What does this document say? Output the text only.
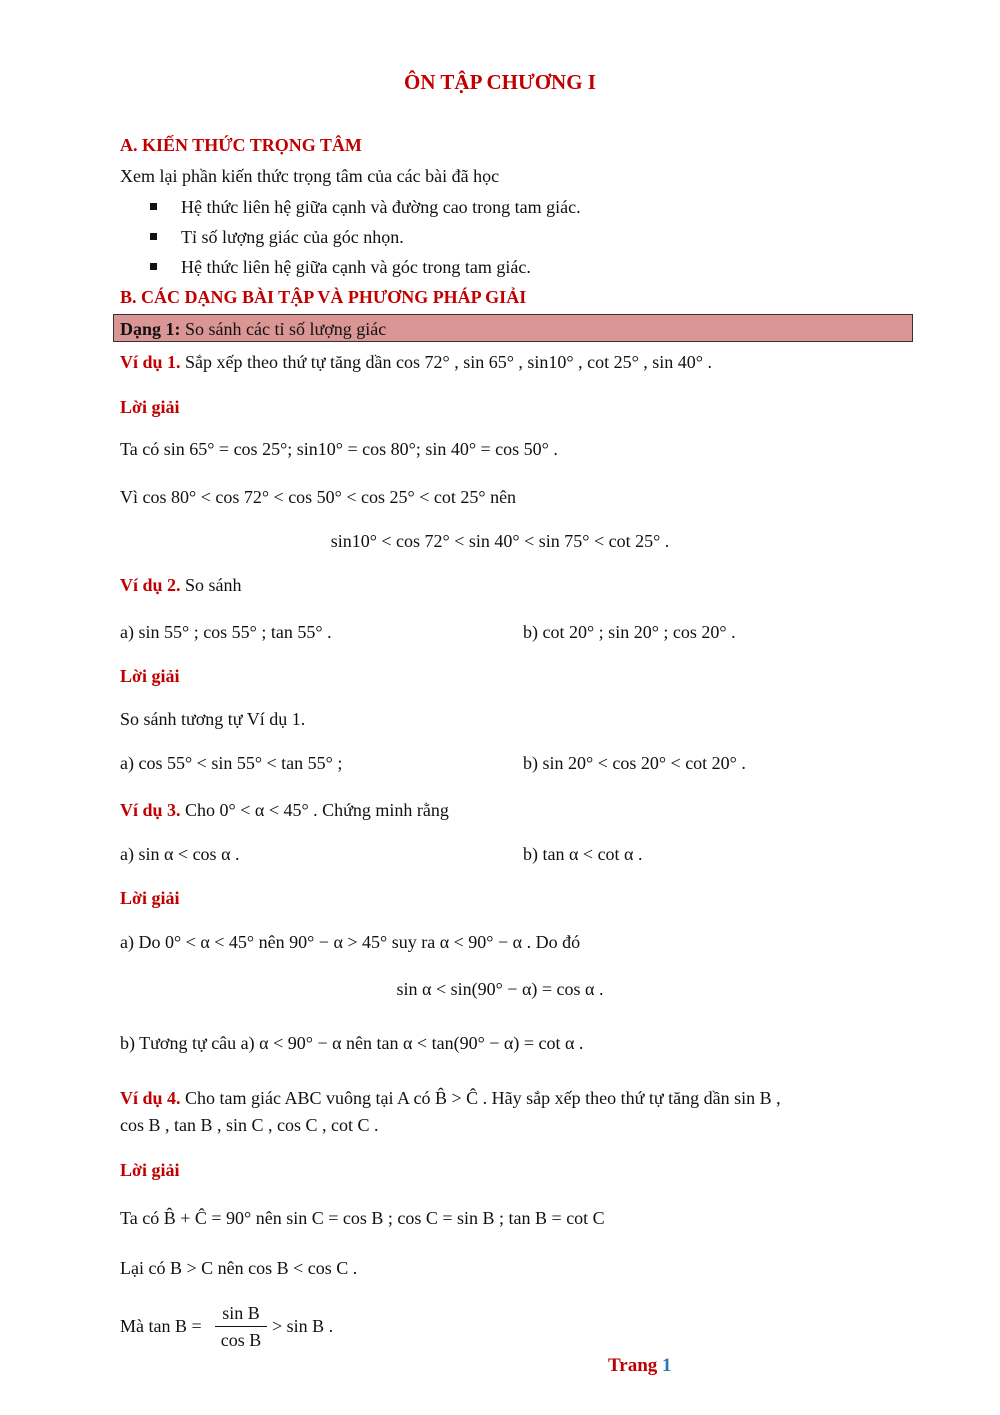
ÔN TẬP CHƯƠNG I
A. KIẾN THỨC TRỌNG TÂM
Xem lại phần kiến thức trọng tâm của các bài đã học
Hệ thức liên hệ giữa cạnh và đường cao trong tam giác.
Tỉ số lượng giác của góc nhọn.
Hệ thức liên hệ giữa cạnh và góc trong tam giác.
B. CÁC DẠNG BÀI TẬP VÀ PHƯƠNG PHÁP GIẢI
Dạng 1: So sánh các tỉ số lượng giác
Ví dụ 1. Sắp xếp theo thứ tự tăng dần cos 72° , sin 65° , sin10° , cot 25° , sin 40° .
Lời giải
Ta có sin 65° = cos 25°; sin10° = cos 80°; sin 40° = cos 50° .
Vì cos 80° < cos 72° < cos 50° < cos 25° < cot 25° nên
sin10° < cos 72° < sin 40° < sin 75° < cot 25° .
Ví dụ 2. So sánh
a) sin 55° ; cos 55° ; tan 55° .	b) cot 20° ; sin 20° ; cos 20° .
Lời giải
So sánh tương tự Ví dụ 1.
a) cos 55° < sin 55° < tan 55° ;	b) sin 20° < cos 20° < cot 20° .
Ví dụ 3. Cho 0° < α < 45° . Chứng minh rằng
a) sin α < cos α .	b) tan α < cot α .
Lời giải
a) Do 0° < α < 45° nên 90° − α > 45° suy ra α < 90° − α . Do đó
sin α < sin(90° − α) = cos α .
b) Tương tự câu a) α < 90° − α nên tan α < tan(90° − α) = cot α .
Ví dụ 4. Cho tam giác ABC vuông tại A có B̂ > Ĉ . Hãy sắp xếp theo thứ tự tăng dần sin B ,
cos B , tan B , sin C , cos C , cot C .
Lời giải
Ta có B̂ + Ĉ = 90° nên sin C = cos B ; cos C = sin B ; tan B = cot C
Lại có B > C nên cos B < cos C .
Mà tan B =
sin B
cos B
> sin B .
Trang 1
